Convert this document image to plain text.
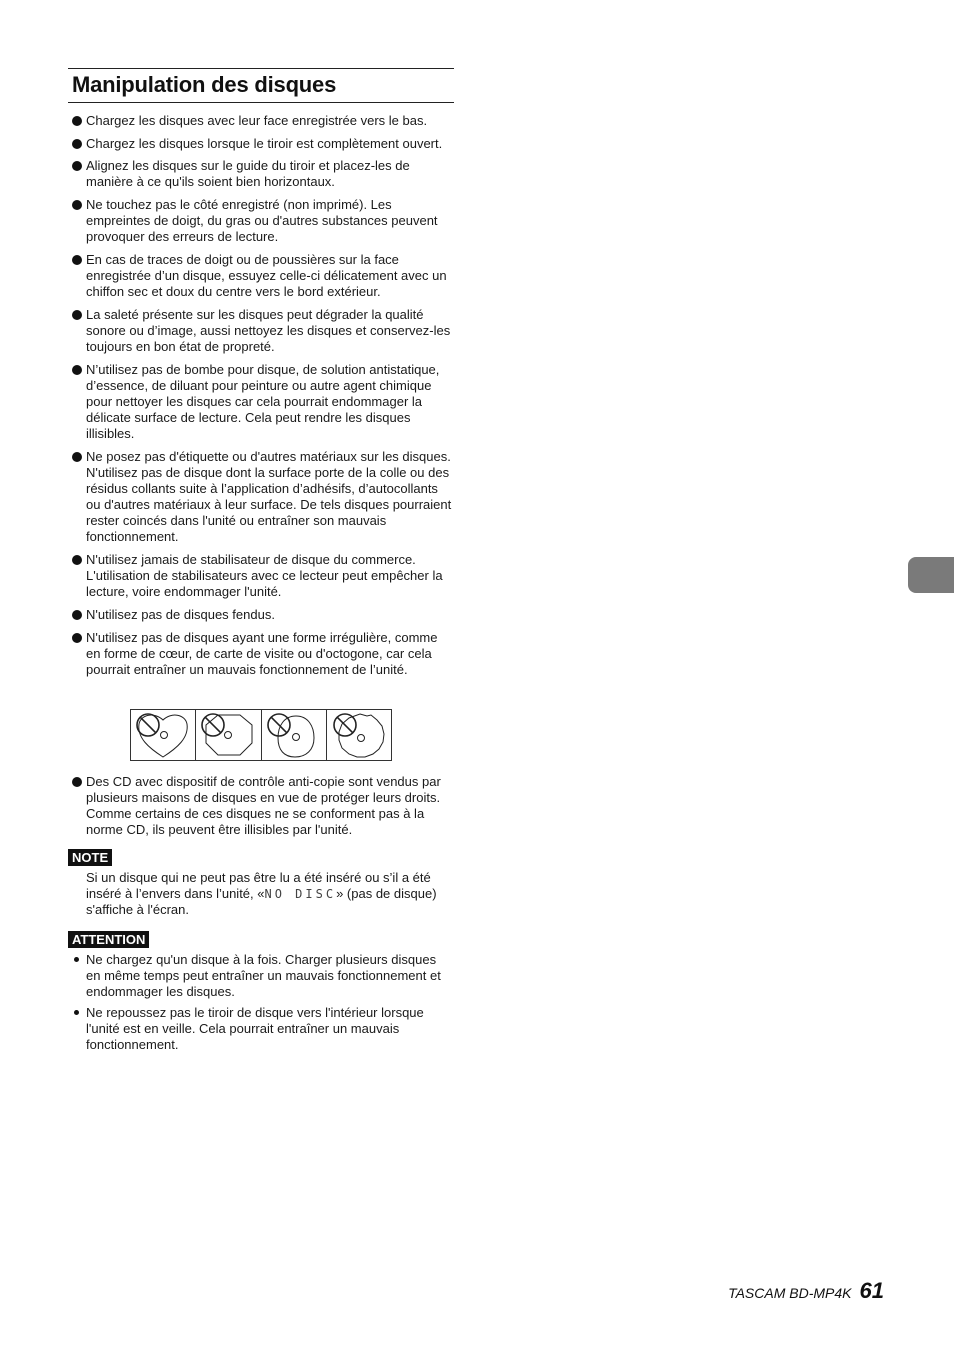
Manipulation des disques
Chargez les disques avec leur face enregistrée vers le bas.
Chargez les disques lorsque le tiroir est complètement ouvert.
Alignez les disques sur le guide du tiroir et placez-les de manière à ce qu'ils soient bien horizontaux.
Ne touchez pas le côté enregistré (non imprimé). Les empreintes de doigt, du gras ou d'autres substances peuvent provoquer des erreurs de lecture.
En cas de traces de doigt ou de poussières sur la face enregistrée d’un disque, essuyez celle-ci délicatement avec un chiffon sec et doux du centre vers le bord extérieur.
La saleté présente sur les disques peut dégrader la qualité sonore ou d’image, aussi nettoyez les disques et conservez-les toujours en bon état de propreté.
N’utilisez pas de bombe pour disque, de solution antistatique, d’essence, de diluant pour peinture ou autre agent chimique pour nettoyer les disques car cela pourrait endommager la délicate surface de lecture. Cela peut rendre les disques illisibles.
Ne posez pas d'étiquette ou d'autres matériaux sur les disques. N'utilisez pas de disque dont la surface porte de la colle ou des résidus collants suite à l’application d’adhésifs, d’autocollants ou d'autres matériaux à leur surface. De tels disques pourraient rester coincés dans l'unité ou entraîner son mauvais fonctionnement.
N'utilisez jamais de stabilisateur de disque du commerce. L'utilisation de stabilisateurs avec ce lecteur peut empêcher la lecture, voire endommager l'unité.
N'utilisez pas de disques fendus.
N'utilisez pas de disques ayant une forme irrégulière, comme en forme de cœur, de carte de visite ou d'octogone, car cela pourrait entraîner un mauvais fonctionnement de l’unité.
Des CD avec dispositif de contrôle anti-copie sont vendus par plusieurs maisons de disques en vue de protéger leurs droits. Comme certains de ces disques ne se conforment pas à la norme CD, ils peuvent être illisibles par l'unité.
NOTE
Si un disque qui ne peut pas être lu a été inséré ou s’il a été inséré à l’envers dans l’unité, «NO DISC» (pas de disque) s'affiche à l'écran.
ATTENTION
Ne chargez qu'un disque à la fois. Charger plusieurs disques en même temps peut entraîner un mauvais fonctionnement et endommager les disques.
Ne repoussez pas le tiroir de disque vers l'intérieur lorsque l'unité est en veille. Cela pourrait entraîner un mauvais fonctionnement.
TASCAM BD-MP4K 61
